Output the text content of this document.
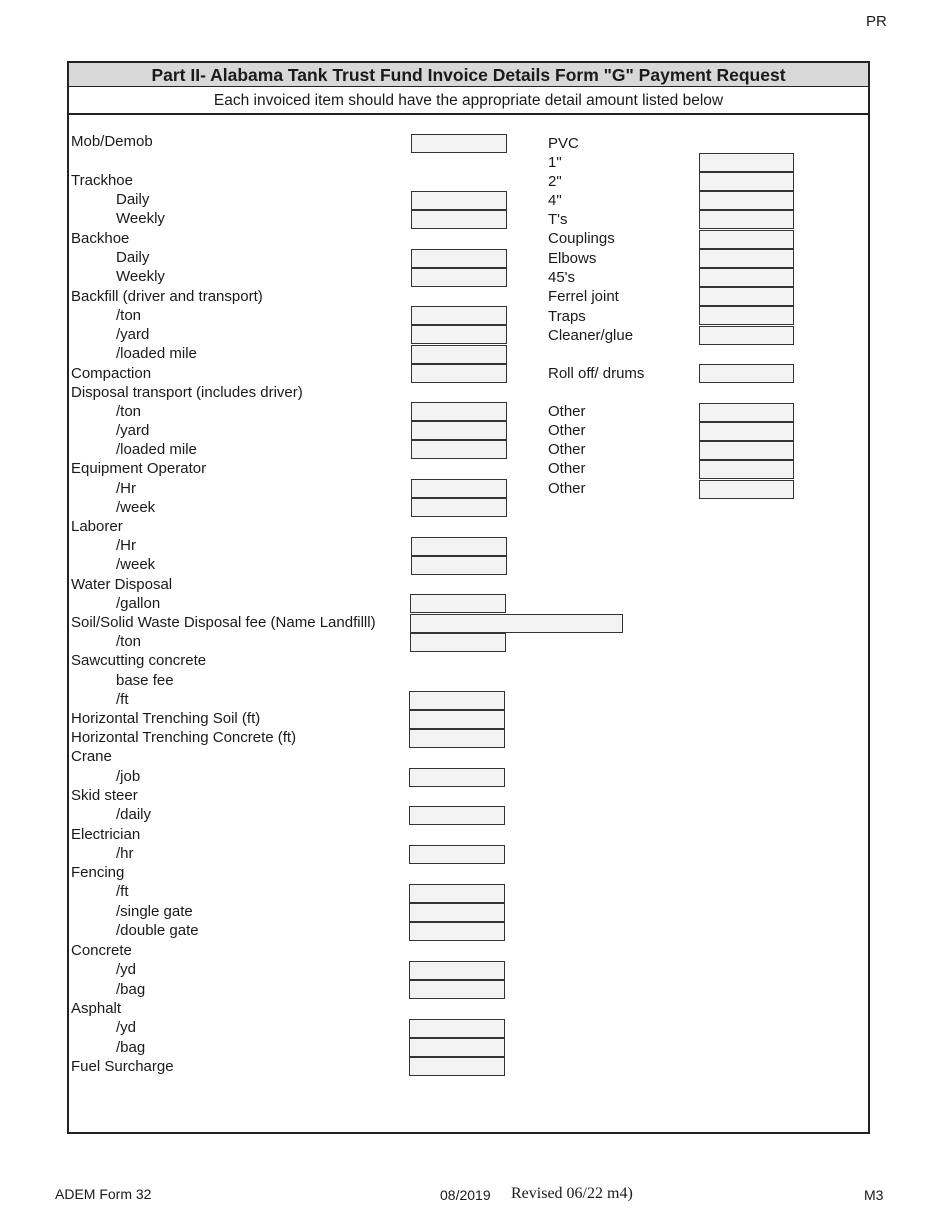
PR
Part II- Alabama Tank Trust Fund Invoice Details Form "G" Payment Request
Each invoiced item should have the appropriate detail amount listed below
Mob/Demob
Trackhoe
Daily
Weekly
Backhoe
Daily
Weekly
Backfill (driver and transport)
/ton
/yard
/loaded mile
Compaction
Disposal transport (includes driver)
/ton
/yard
/loaded mile
Equipment Operator
/Hr
/week
Laborer
/Hr
/week
Water Disposal
/gallon
Soil/Solid Waste Disposal fee (Name Landfilll)
/ton
Sawcutting concrete
base fee
/ft
Horizontal Trenching Soil (ft)
Horizontal Trenching Concrete (ft)
Crane
/job
Skid steer
/daily
Electrician
/hr
Fencing
/ft
/single gate
/double gate
Concrete
/yd
/bag
Asphalt
/yd
/bag
Fuel Surcharge
PVC
1"
2"
4"
T's
Couplings
Elbows
45's
Ferrel joint
Traps
Cleaner/glue
Roll off/ drums
Other
Other
Other
Other
Other
ADEM Form 32	08/2019 Revised 06/22 m4)	M3
